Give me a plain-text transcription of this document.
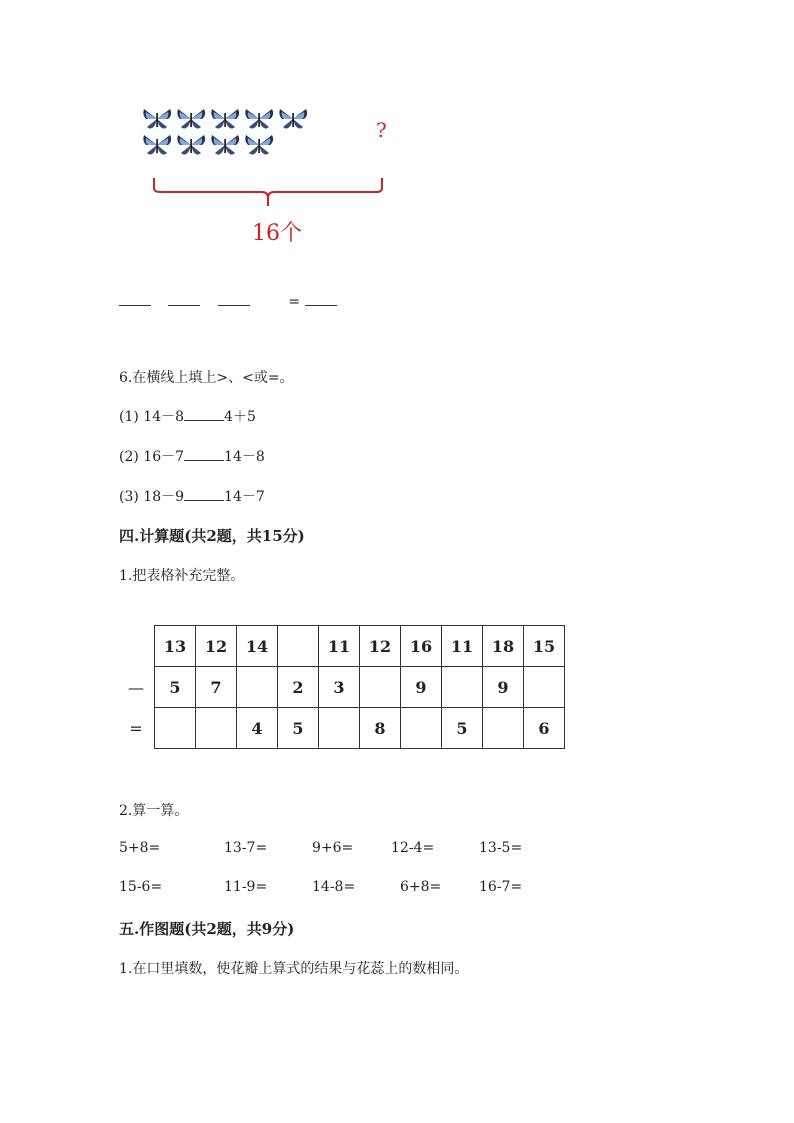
?
16个
=
6.在横线上填上>、<或=。
(1) 14－8	4＋5
(2) 16－7	14－8
(3) 18－9	14－7
四.计算题(共2题，共15分)
1.把表格补充完整。
	13	12	14		11	12	16	11	18	15
—	5	7		2	3		9		9	
=			4	5		8		5		6
2.算一算。
5+8=	13-7=	9+6=	12-4=	13-5=
15-6=	11-9=	14-8=	6+8=	16-7=
五.作图题(共2题，共9分)
1.在口里填数，使花瓣上算式的结果与花蕊上的数相同。
